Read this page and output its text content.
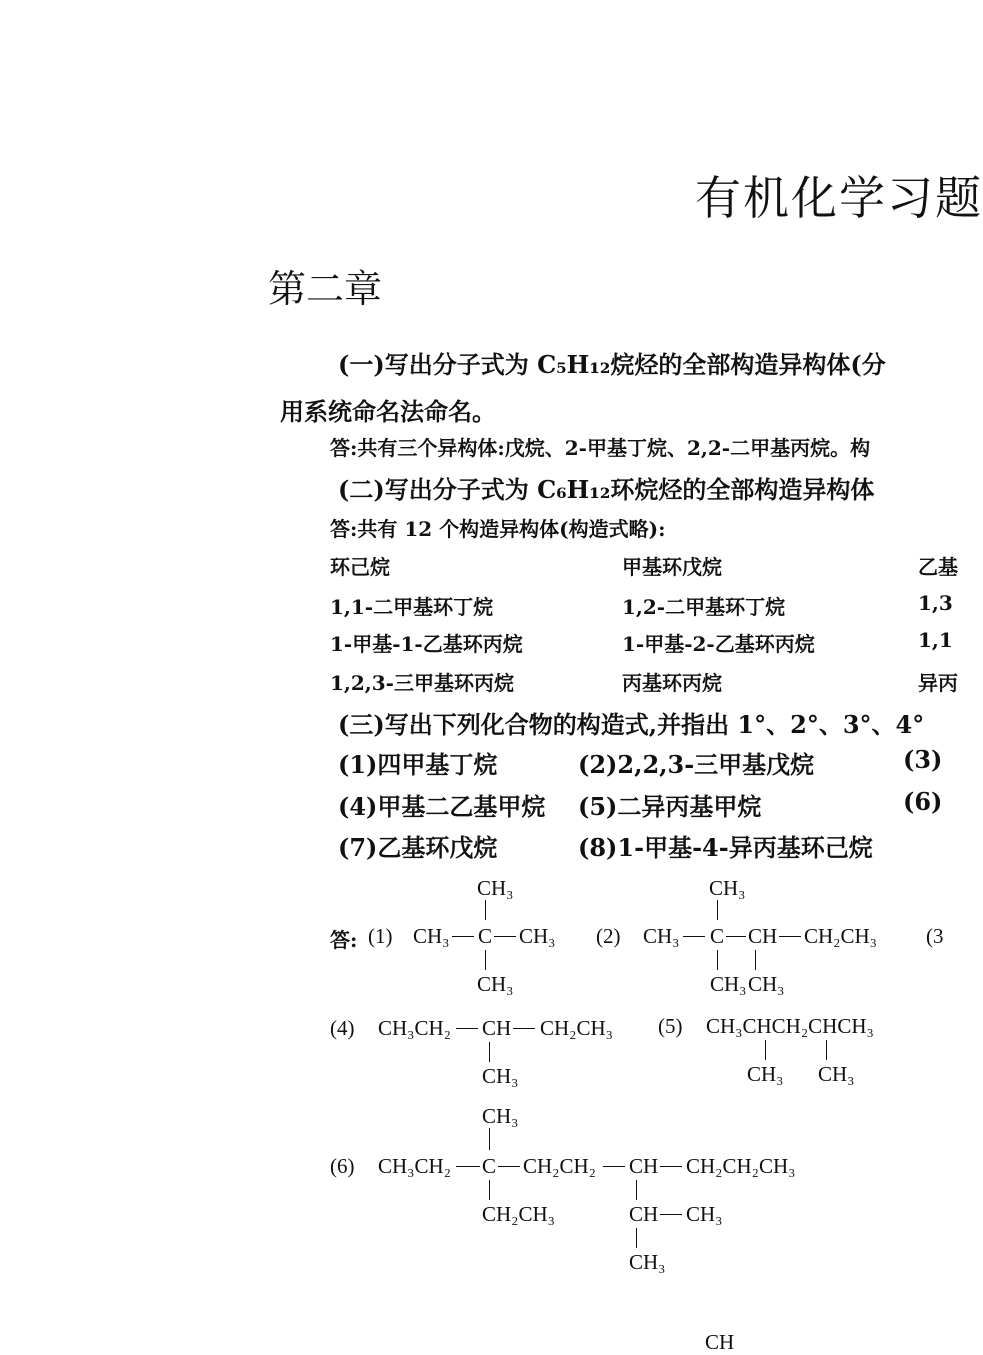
有机化学习题
第二章
(一)写出分子式为 C₅H₁₂烷烃的全部构造异构体(分
用系统命名法命名。
答:共有三个异构体:戊烷、2-甲基丁烷、2,2-二甲基丙烷。构
(二)写出分子式为 C₆H₁₂环烷烃的全部构造异构体
答:共有 12 个构造异构体(构造式略):
环己烷	甲基环戊烷	乙基
1,1-二甲基环丁烷	1,2-二甲基环丁烷	1,3
1-甲基-1-乙基环丙烷	1-甲基-2-乙基环丙烷	1,1
1,2,3-三甲基环丙烷	丙基环丙烷	异丙
(三)写出下列化合物的构造式,并指出 1°、2°、3°、4°
(1)四甲基丁烷	(2)2,2,3-三甲基戊烷	(3)
(4)甲基二乙基甲烷 (5)二异丙基甲烷	(6)
(7)乙基环戊烷	(8)1-甲基-4-异丙基环己烷
答: (1)
CH₃
CH₃ C CH₃
CH₃
(2)
CH₃
CH₃ C CH CH₂CH₃
CH₃ CH₃
(3
(4) CH₃CH₂ CH CH₂CH₃
CH₃
(5) CH₃CHCH₂CHCH₃
CH₃ CH₃
CH₃
(6) CH₃CH₂ C CH₂CH₂ CH CH₂CH₂CH₃
CH₂CH₃	CH CH₃
CH₃
CH
